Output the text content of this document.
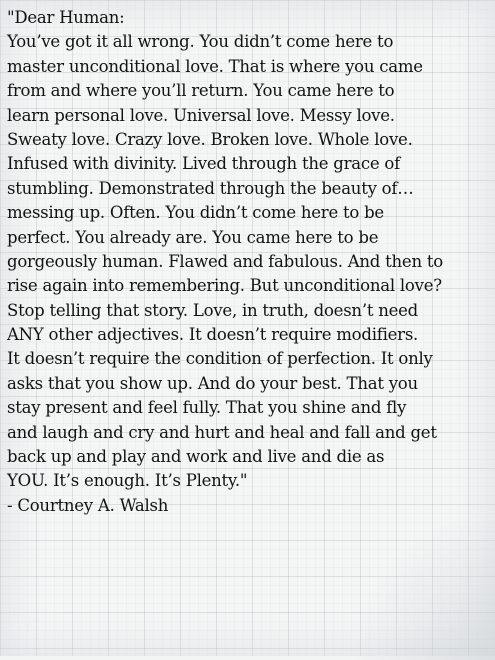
"Dear Human:
You’ve got it all wrong. You didn’t come here to
master unconditional love. That is where you came
from and where you’ll return. You came here to
learn personal love. Universal love. Messy love.
Sweaty love. Crazy love. Broken love. Whole love.
Infused with divinity. Lived through the grace of
stumbling. Demonstrated through the beauty of…
messing up. Often. You didn’t come here to be
perfect. You already are. You came here to be
gorgeously human. Flawed and fabulous. And then to
rise again into remembering. But unconditional love?
Stop telling that story. Love, in truth, doesn’t need
ANY other adjectives. It doesn’t require modifiers.
It doesn’t require the condition of perfection. It only
asks that you show up. And do your best. That you
stay present and feel fully. That you shine and fly
and laugh and cry and hurt and heal and fall and get
back up and play and work and live and die as
YOU. It’s enough. It’s Plenty."
- Courtney A. Walsh
